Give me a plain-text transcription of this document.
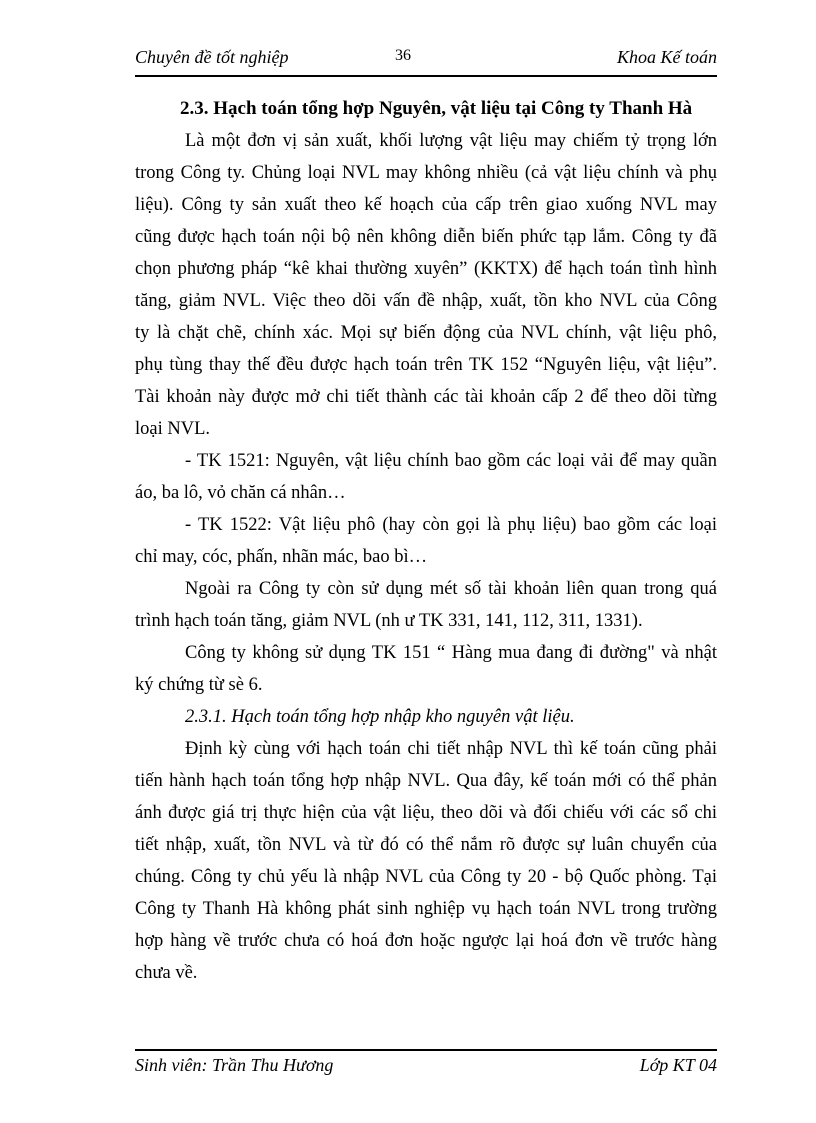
Chuyên đề tốt nghiệp	36	Khoa Kế toán
2.3. Hạch toán tổng hợp Nguyên, vật liệu tại Công ty Thanh Hà
Là một đơn vị sản xuất, khối lượng vật liệu may chiếm tỷ trọng lớn
trong Công ty. Chủng loại NVL may không nhiều (cả vật liệu chính và phụ
liệu). Công ty sản xuất theo kế hoạch của cấp trên giao xuống NVL may
cũng được hạch toán nội bộ nên không diễn biến phức tạp lắm. Công ty đã
chọn phương pháp “kê khai thường xuyên” (KKTX) để hạch toán tình hình
tăng, giảm NVL. Việc theo dõi vấn đề nhập, xuất, tồn kho NVL của Công
ty là chặt chẽ, chính xác. Mọi sự biến động của NVL chính, vật liệu phô,
phụ tùng thay thế đều được hạch toán trên TK 152 “Nguyên liệu, vật liệu”.
Tài khoản này được mở chi tiết thành các tài khoản cấp 2 để theo dõi từng
loại NVL.
- TK 1521: Nguyên, vật liệu chính bao gồm các loại vải để may quần
áo, ba lô, vỏ chăn cá nhân…
- TK 1522: Vật liệu phô (hay còn gọi là phụ liệu) bao gồm các loại
chỉ may, cóc, phấn, nhãn mác, bao bì…
Ngoài ra Công ty còn sử dụng mét số tài khoản liên quan trong quá
trình hạch toán tăng, giảm NVL (nh ư TK 331, 141, 112, 311, 1331).
Công ty không sử dụng TK 151 “ Hàng mua đang đi đường" và nhật
ký chứng từ sè 6.
2.3.1. Hạch toán tổng hợp nhập kho nguyên vật liệu.
Định kỳ cùng với hạch toán chi tiết nhập NVL thì kế toán cũng phải
tiến hành hạch toán tổng hợp nhập NVL. Qua đây, kế toán mới có thể phản
ánh được giá trị thực hiện của vật liệu, theo dõi và đối chiếu với các sổ chi
tiết nhập, xuất, tồn NVL và từ đó có thể nắm rõ được sự luân chuyển của
chúng. Công ty chủ yếu là nhập NVL của Công ty 20 - bộ Quốc phòng. Tại
Công ty Thanh Hà không phát sinh nghiệp vụ hạch toán NVL trong trường
hợp hàng về trước chưa có hoá đơn hoặc ngược lại hoá đơn về trước hàng
chưa về.
Sinh viên: Trần Thu Hương	Lớp KT 04
